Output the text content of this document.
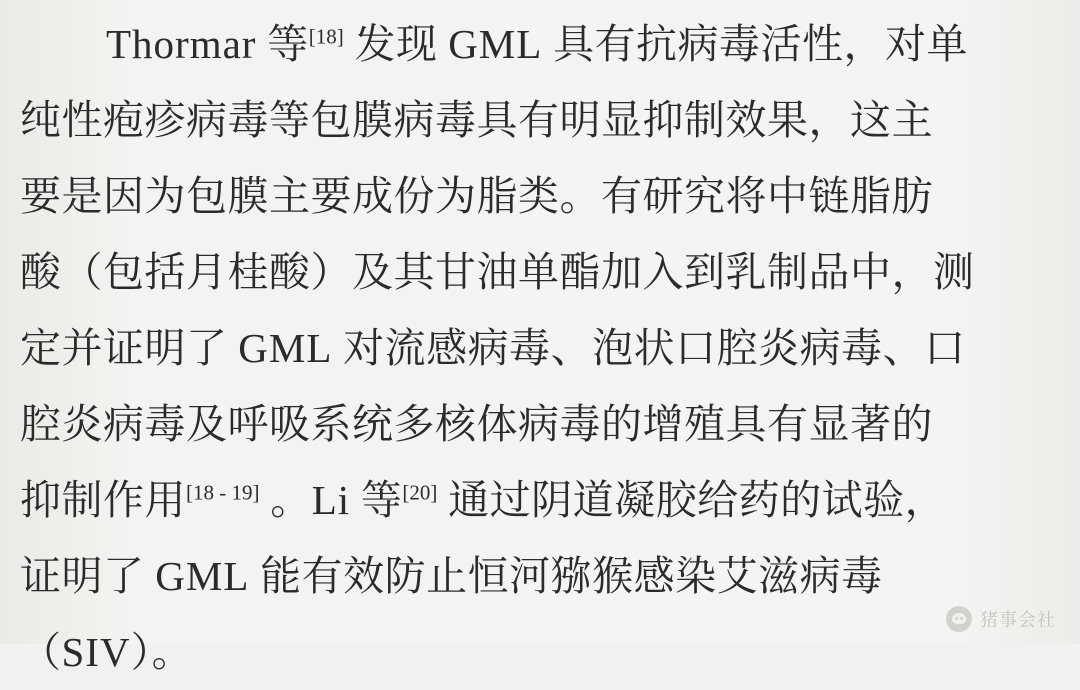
Thormar 等[18] 发现 GML 具有抗病毒活性，对单
纯性疱疹病毒等包膜病毒具有明显抑制效果，这主
要是因为包膜主要成份为脂类。有研究将中链脂肪
酸（包括月桂酸）及其甘油单酯加入到乳制品中，测
定并证明了 GML 对流感病毒、泡状口腔炎病毒、口
腔炎病毒及呼吸系统多核体病毒的增殖具有显著的
抑制作用[18 - 19] 。Li 等[20] 通过阴道凝胶给药的试验，
证明了 GML 能有效防止恒河猕猴感染艾滋病毒
（SIV）。
猪事会社
